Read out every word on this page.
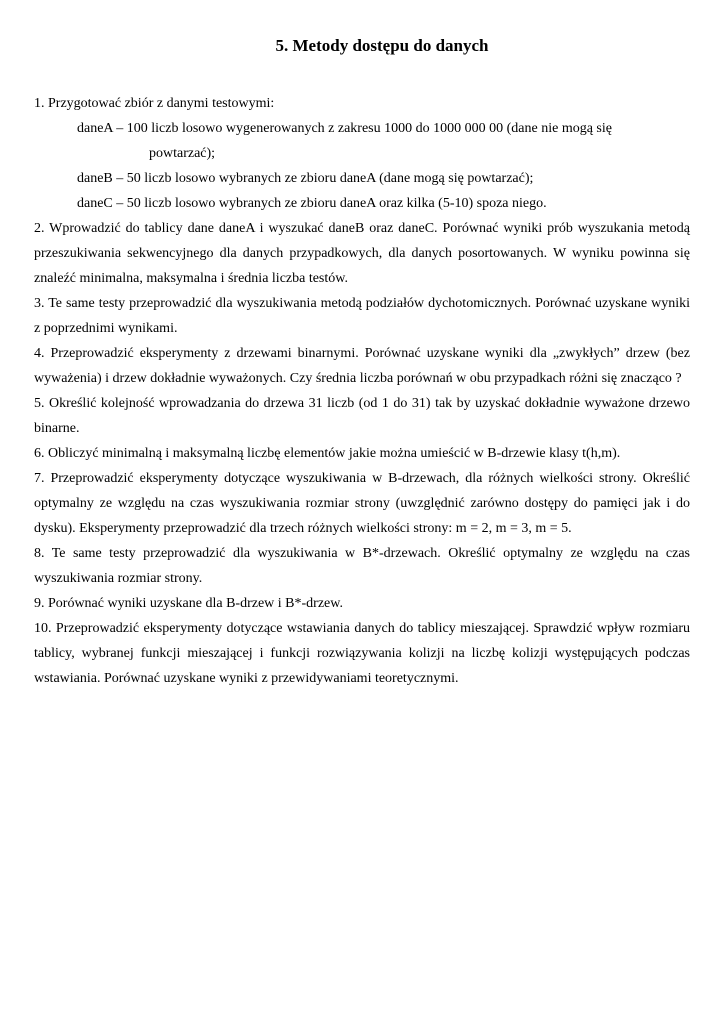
5. Metody dostępu do danych

1. Przygotować zbiór z danymi testowymi:

daneA – 100 liczb losowo wygenerowanych z zakresu 1000 do 1000 000 00 (dane nie mogą się
powtarzać);

daneB – 50 liczb losowo wybranych ze zbioru daneA (dane mogą się powtarzać);

daneC – 50 liczb losowo wybranych ze zbioru daneA oraz kilka (5-10) spoza niego.

2. Wprowadzić do tablicy dane daneA i wyszukać daneB oraz daneC. Porównać wyniki prób wyszukania metodą przeszukiwania sekwencyjnego dla danych przypadkowych, dla danych posortowanych. W wyniku powinna się znaleźć minimalna, maksymalna i średnia liczba testów.

3. Te same testy przeprowadzić dla wyszukiwania metodą podziałów dychotomicznych. Porównać uzyskane wyniki z poprzednimi wynikami.

4. Przeprowadzić eksperymenty z drzewami binarnymi. Porównać uzyskane wyniki dla „zwykłych” drzew (bez wyważenia) i drzew dokładnie wyważonych. Czy średnia liczba porównań w obu przypadkach różni się znacząco ?

5. Określić kolejność wprowadzania do drzewa 31 liczb (od 1 do 31) tak by uzyskać dokładnie wyważone drzewo binarne.

6. Obliczyć minimalną i maksymalną liczbę elementów jakie można umieścić w B-drzewie klasy t(h,m).

7. Przeprowadzić eksperymenty dotyczące wyszukiwania w B-drzewach, dla różnych wielkości strony. Określić optymalny ze względu na czas wyszukiwania rozmiar strony (uwzględnić zarówno dostępy do pamięci jak i do dysku). Eksperymenty przeprowadzić dla trzech różnych wielkości strony: m = 2, m = 3, m = 5.

8. Te same testy przeprowadzić dla wyszukiwania w B*-drzewach. Określić optymalny ze względu na czas wyszukiwania rozmiar strony.

9. Porównać wyniki uzyskane dla B-drzew i B*-drzew.

10. Przeprowadzić eksperymenty dotyczące wstawiania danych do tablicy mieszającej. Sprawdzić wpływ rozmiaru tablicy, wybranej funkcji mieszającej i funkcji rozwiązywania kolizji na liczbę kolizji występujących podczas wstawiania. Porównać uzyskane wyniki z przewidywaniami teoretycznymi.
